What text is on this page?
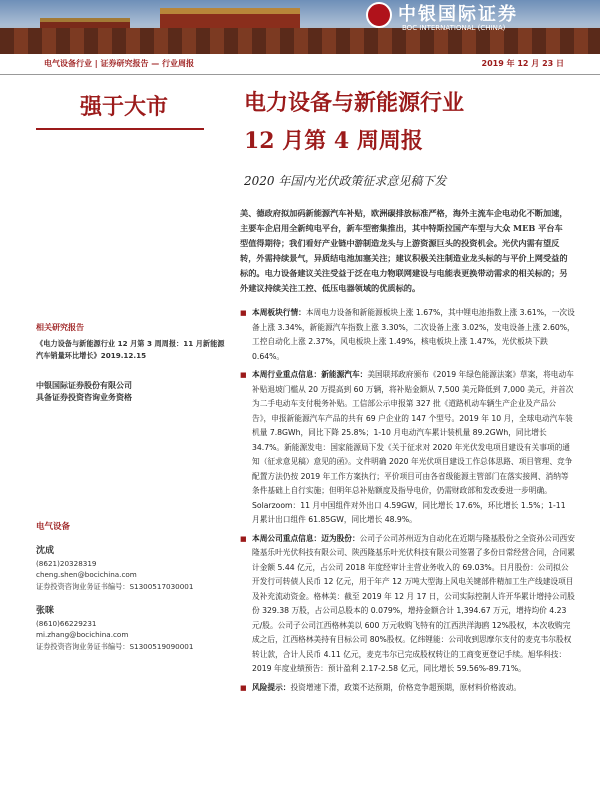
中银国际证券
BOC INTERNATIONAL (CHINA)
电气设备行业 | 证券研究报告 — 行业周报	2019 年 12 月 23 日
强于大市	电力设备与新能源行业
12 月第 4 周周报
2020 年国内光伏政策征求意见稿下发
美、德政府拟加码新能源汽车补贴，欧洲碳排放标准严格，海外主流车企电动化不断加速，主要车企启用全新纯电平台，新车型密集推出，其中特斯拉国产车型与大众 MEB 平台车型值得期待；我们看好产业链中游制造龙头与上游资源巨头的投资机会。光伏内需有望反转，外需持续景气，异质结电池加塞关注；建议积极关注制造业龙头标的与平价上网受益的标的。电力设备建议关注受益于泛在电力物联网建设与电能表更换带动需求的相关标的；另外建议持续关注工控、低压电器领域的优质标的。
相关研究报告
《电力设备与新能源行业 12 月第 3 周周报：11 月新能源汽车销量环比增长》2019.12.15
中银国际证券股份有限公司
具备证券投资咨询业务资格
电气设备
沈成
(8621)20328319
cheng.shen@bocichina.com
证券投资咨询业务证书编号：S1300517030001
张咪
(8610)66229231
mi.zhang@bocichina.com
证券投资咨询业务证书编号：S1300519090001
■ 本周板块行情：本周电力设备和新能源板块上涨 1.67%，其中锂电池指数上涨 3.61%，一次设备上涨 3.34%，新能源汽车指数上涨 3.30%，二次设备上涨 3.02%，发电设备上涨 2.60%，工控自动化上涨 2.37%，风电板块上涨 1.49%，核电板块上涨 1.47%，光伏板块下跌 0.64%。
■ 本周行业重点信息：新能源汽车：美国联邦政府颁布《2019 年绿色能源法案》草案，将电动车补贴退坡门槛从 20 万提高到 60 万辆，将补贴金额从 7,500 美元降低到 7,000 美元，并首次为二手电动车支付税务补贴。工信部公示申报第 327 批《道路机动车辆生产企业及产品公告》，申报新能源汽车产品的共有 69 户企业的 147 个型号。2019 年 10 月，全球电动汽车装机量 7.8GWh，同比下降 25.8%；1-10 月电动汽车累计装机量 89.2GWh，同比增长 34.7%。新能源发电：国家能源局下发《关于征求对 2020 年光伏发电项目建设有关事项的通知（征求意见稿）意见的函》。文件明确 2020 年光伏项目建设工作总体思路、项目管理、竞争配置方法仍按 2019 年工作方案执行；平价项目可由各省级能源主管部门在落实接网、消纳等条件基础上自行实施；但明年总补贴额度及指导电价，仍需财政部和发改委进一步明确。Solarzoom：11 月中国组件对外出口 4.59GW，同比增长 17.6%，环比增长 1.5%；1-11 月累计出口组件 61.85GW，同比增长 48.9%。
■ 本周公司重点信息：迈为股份：公司子公司苏州迈为自动化在近期与隆基股份之全资孙公司西安隆基乐叶光伏科技有限公司、陕西隆基乐叶光伏科技有限公司签署了多份日常经营合同，合同累计金额 5.44 亿元，占公司 2018 年度经审计主营业务收入的 69.03%。日月股份：公司拟公开发行可转债人民币 12 亿元，用于年产 12 万吨大型海上风电关键部件精加工生产线建设项目及补充流动资金。格林美：截至 2019 年 12 月 17 日，公司实际控制人许开华累计增持公司股份 329.38 万股，占公司总股本的 0.079%，增持金额合计 1,394.67 万元，增持均价 4.23 元/股。公司子公司江西格林美以 600 万元收购飞特有的江西洪洋海鸥 12%股权，本次收购完成之后，江西格林美持有目标公司 80%股权。亿纬锂能：公司收到思摩尔支付的麦克韦尔股权转让款，合计人民币 4.11 亿元，麦克韦尔已完成股权转让的工商变更登记手续。旭华科技：2019 年度业绩预告：预计盈利 2.17-2.58 亿元，同比增长 59.56%-89.71%。
■ 风险提示：投资增速下滑，政策不达预期，价格竞争超预期，原材料价格波动。
